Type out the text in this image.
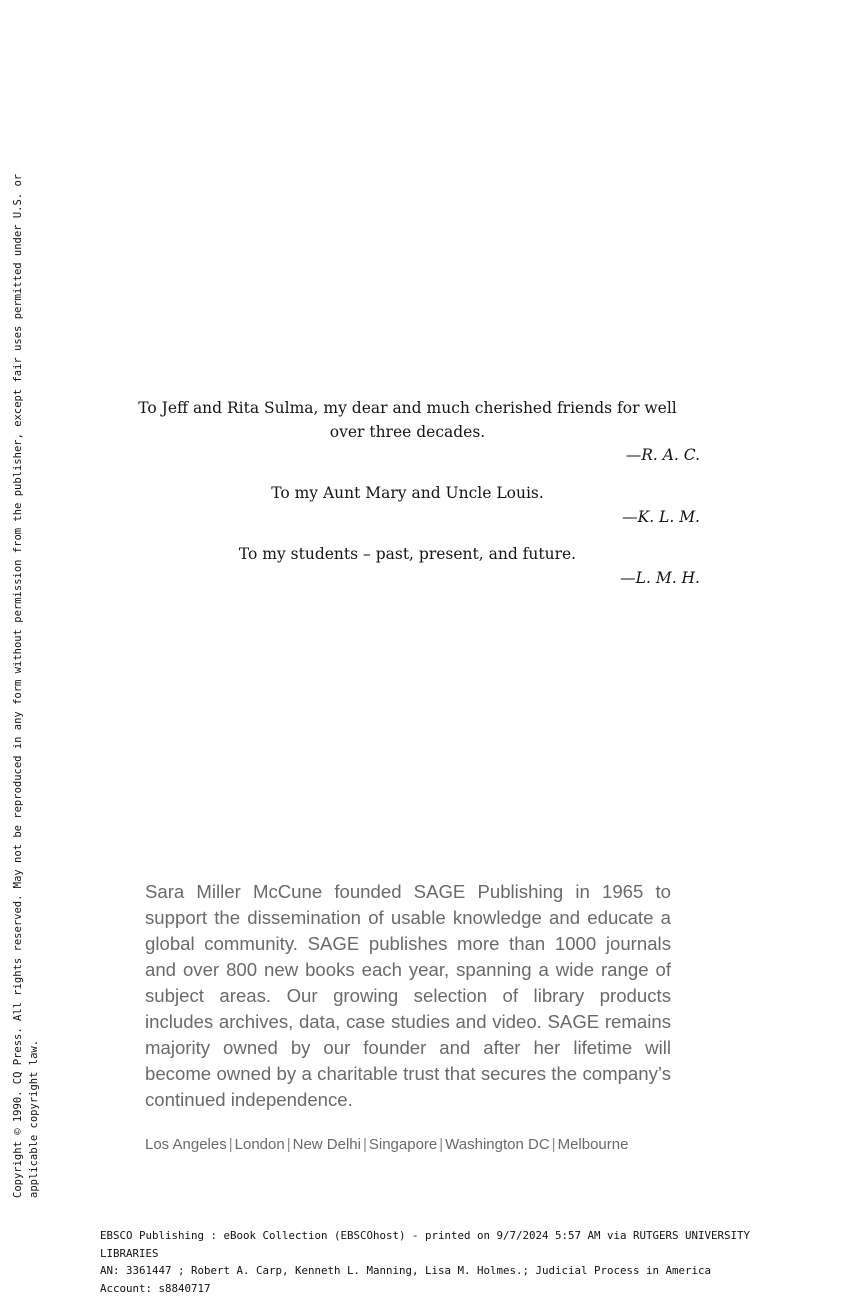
Copyright © 1990. CQ Press. All rights reserved. May not be reproduced in any form without permission from the publisher, except fair uses permitted under U.S. or applicable copyright law.
To Jeff and Rita Sulma, my dear and much cherished friends for well
over three decades.
—R. A. C.
To my Aunt Mary and Uncle Louis.
—K. L. M.
To my students – past, present, and future.
—L. M. H.
Sara Miller McCune founded SAGE Publishing in 1965 to support the dissemination of usable knowledge and educate a global community. SAGE publishes more than 1000 journals and over 800 new books each year, spanning a wide range of subject areas. Our growing selection of library products includes archives, data, case studies and video. SAGE remains majority owned by our founder and after her lifetime will become owned by a charitable trust that secures the company’s continued independence.
Los Angeles | London | New Delhi | Singapore | Washington DC | Melbourne
EBSCO Publishing : eBook Collection (EBSCOhost) - printed on 9/7/2024 5:57 AM via RUTGERS UNIVERSITY LIBRARIES
AN: 3361447 ; Robert A. Carp, Kenneth L. Manning, Lisa M. Holmes.; Judicial Process in America
Account: s8840717
